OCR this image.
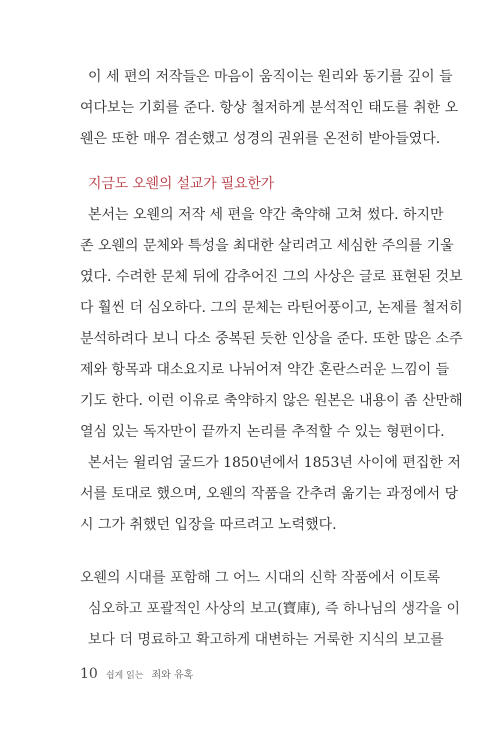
이 세 편의 저작들은 마음이 움직이는 원리와 동기를 깊이 들
여다보는 기회를 준다. 항상 철저하게 분석적인 태도를 취한 오
웬은 또한 매우 겸손했고 성경의 권위를 온전히 받아들였다.
지금도 오웬의 설교가 필요한가
본서는 오웬의 저작 세 편을 약간 축약해 고쳐 썼다. 하지만
존 오웬의 문체와 특성을 최대한 살리려고 세심한 주의를 기울
였다. 수려한 문체 뒤에 감추어진 그의 사상은 글로 표현된 것보
다 훨씬 더 심오하다. 그의 문체는 라틴어풍이고, 논제를 철저히
분석하려다 보니 다소 중복된 듯한 인상을 준다. 또한 많은 소주
제와 항목과 대소요지로 나뉘어져 약간 혼란스러운 느낌이 들
기도 한다. 이런 이유로 축약하지 않은 원본은 내용이 좀 산만해
열심 있는 독자만이 끝까지 논리를 추적할 수 있는 형편이다.
본서는 윌리엄 굴드가 1850년에서 1853년 사이에 편집한 저
서를 토대로 했으며, 오웬의 작품을 간추려 옮기는 과정에서 당
시 그가 취했던 입장을 따르려고 노력했다.
오웬의 시대를 포함해 그 어느 시대의 신학 작품에서 이토록
심오하고 포괄적인 사상의 보고(寶庫), 즉 하나님의 생각을 이
보다 더 명료하고 확고하게 대변하는 거룩한 지식의 보고를
10 쉽게 읽는 죄와 유혹
